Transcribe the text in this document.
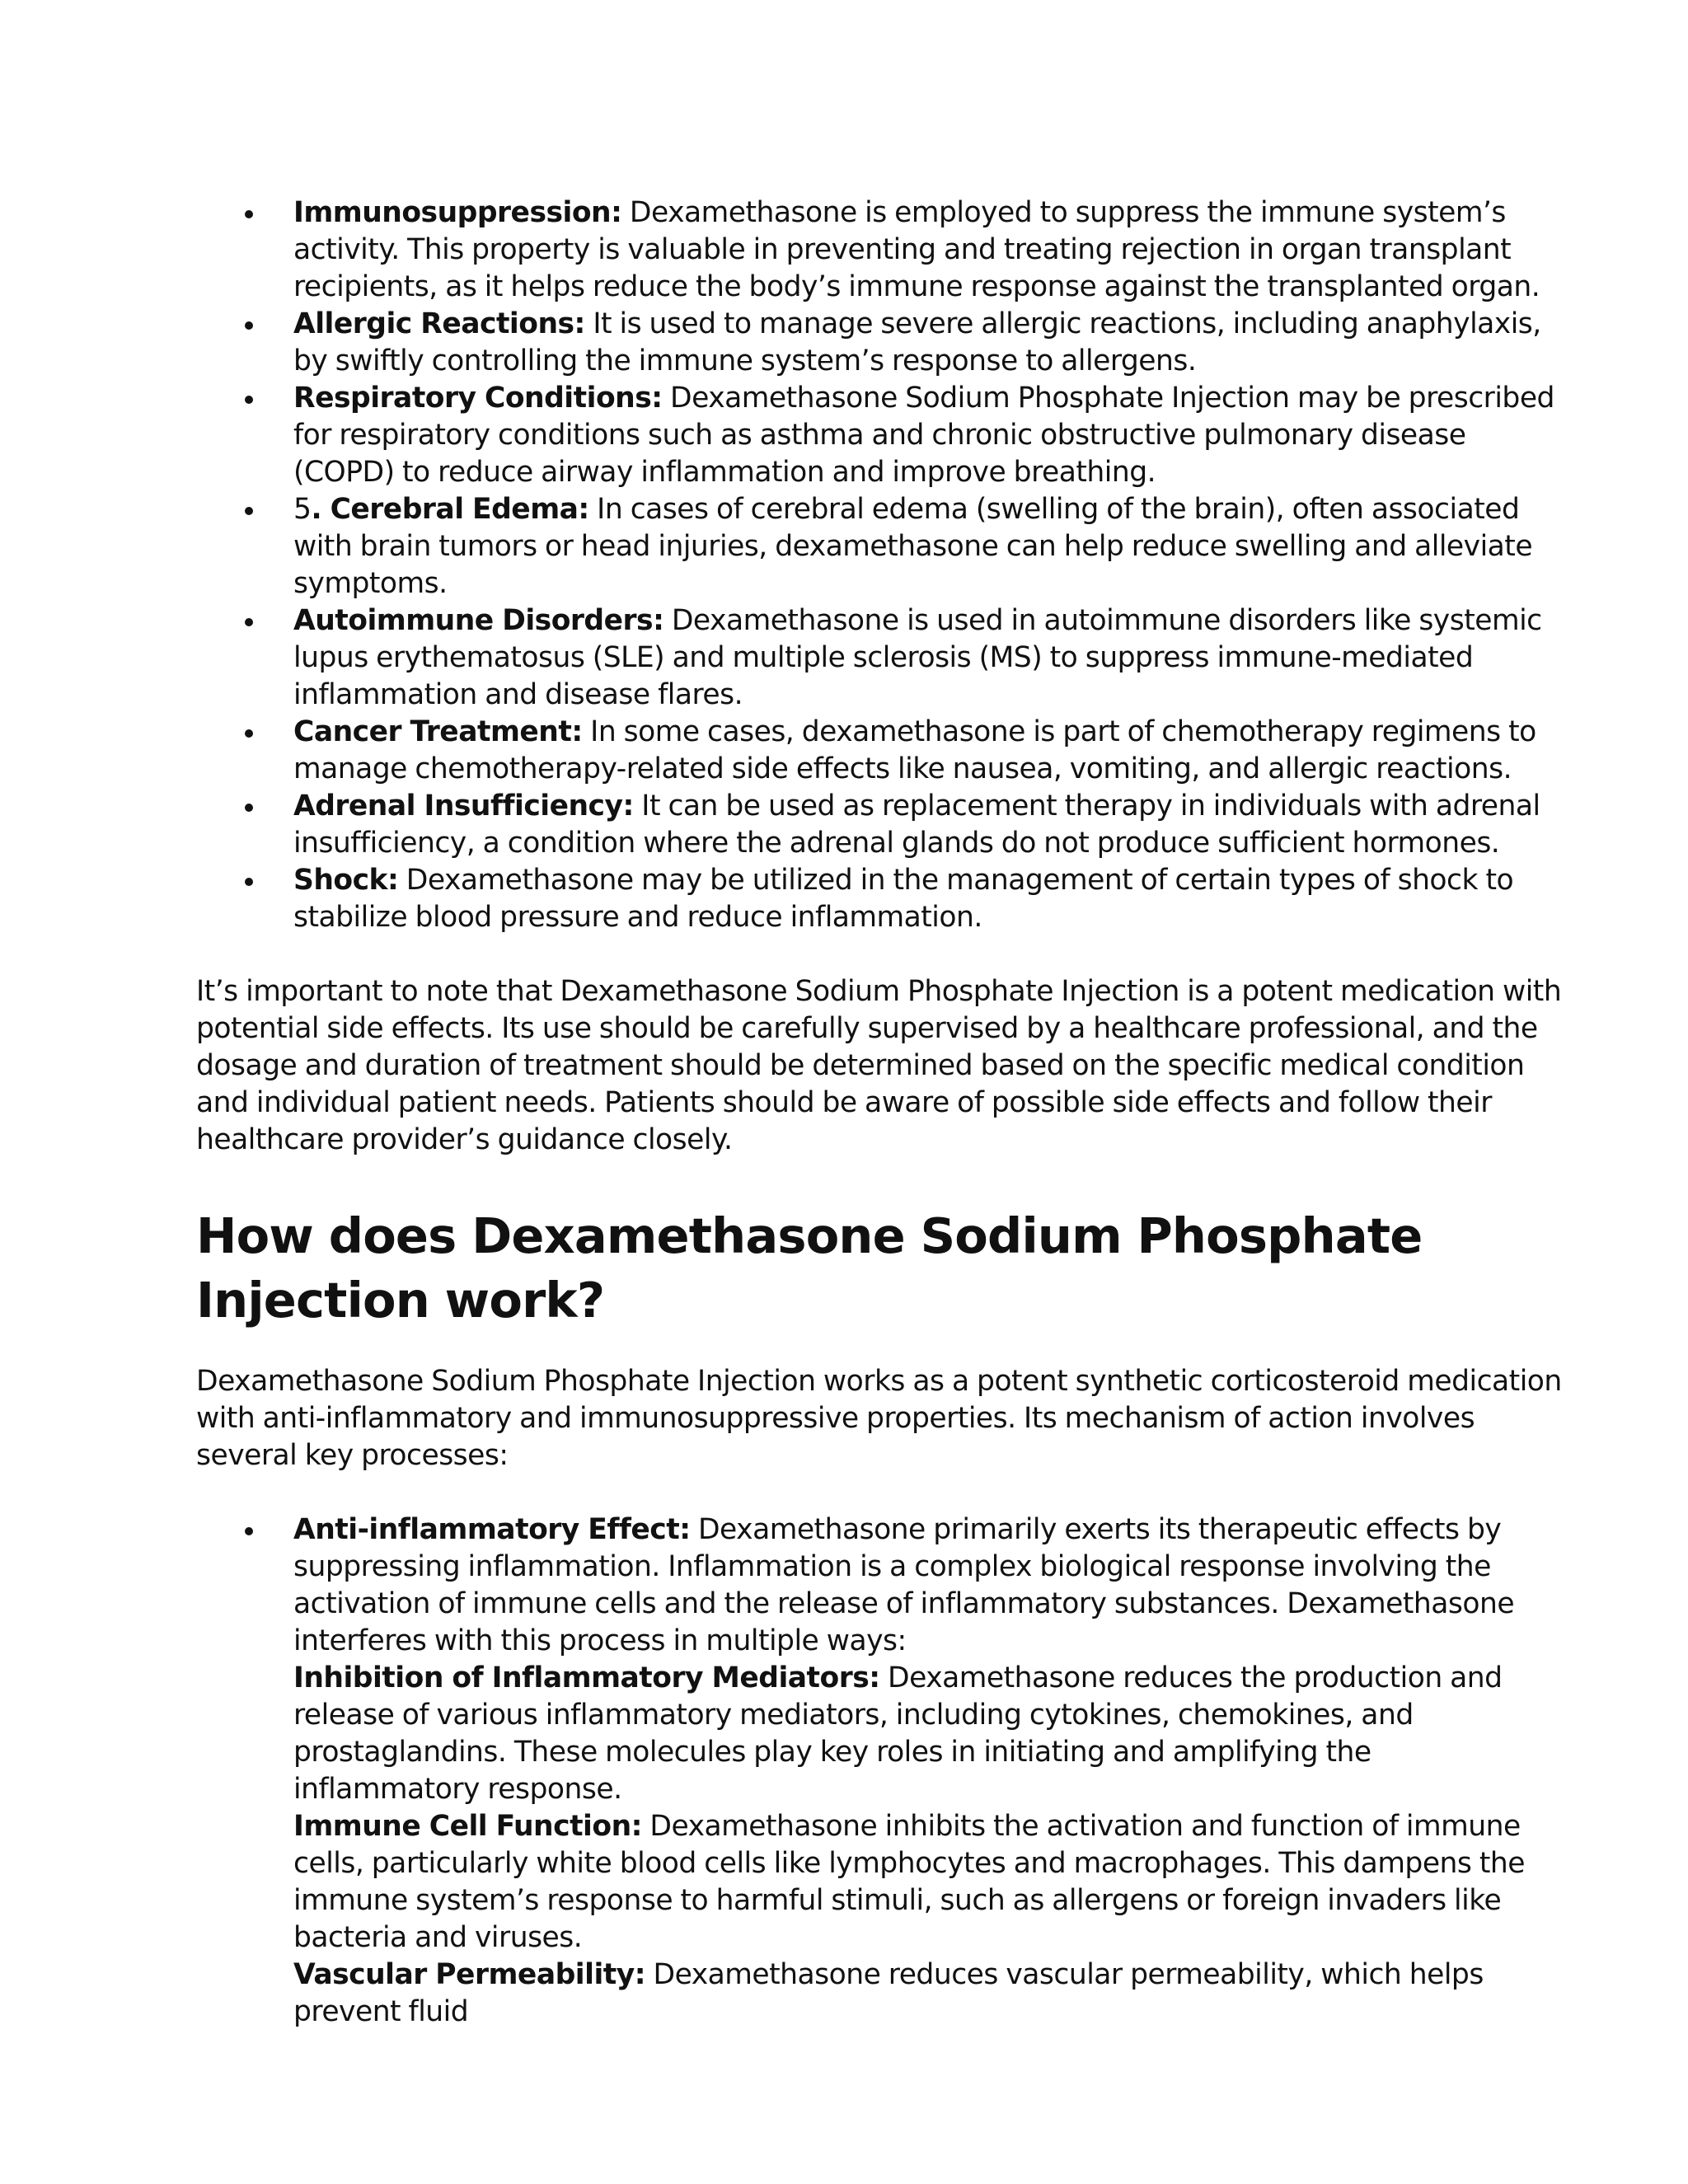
Immunosuppression: Dexamethasone is employed to suppress the immune system’s activity. This property is valuable in preventing and treating rejection in organ transplant recipients, as it helps reduce the body’s immune response against the transplanted organ.
Allergic Reactions: It is used to manage severe allergic reactions, including anaphylaxis, by swiftly controlling the immune system’s response to allergens.
Respiratory Conditions: Dexamethasone Sodium Phosphate Injection may be prescribed for respiratory conditions such as asthma and chronic obstructive pulmonary disease (COPD) to reduce airway inflammation and improve breathing.
5. Cerebral Edema: In cases of cerebral edema (swelling of the brain), often associated with brain tumors or head injuries, dexamethasone can help reduce swelling and alleviate symptoms.
Autoimmune Disorders: Dexamethasone is used in autoimmune disorders like systemic lupus erythematosus (SLE) and multiple sclerosis (MS) to suppress immune-mediated inflammation and disease flares.
Cancer Treatment: In some cases, dexamethasone is part of chemotherapy regimens to manage chemotherapy-related side effects like nausea, vomiting, and allergic reactions.
Adrenal Insufficiency: It can be used as replacement therapy in individuals with adrenal insufficiency, a condition where the adrenal glands do not produce sufficient hormones.
Shock: Dexamethasone may be utilized in the management of certain types of shock to stabilize blood pressure and reduce inflammation.

It’s important to note that Dexamethasone Sodium Phosphate Injection is a potent medication with potential side effects. Its use should be carefully supervised by a healthcare professional, and the dosage and duration of treatment should be determined based on the specific medical condition and individual patient needs. Patients should be aware of possible side effects and follow their healthcare provider’s guidance closely.

How does Dexamethasone Sodium Phosphate Injection work?

Dexamethasone Sodium Phosphate Injection works as a potent synthetic corticosteroid medication with anti-inflammatory and immunosuppressive properties. Its mechanism of action involves several key processes:

Anti-inflammatory Effect: Dexamethasone primarily exerts its therapeutic effects by suppressing inflammation. Inflammation is a complex biological response involving the activation of immune cells and the release of inflammatory substances. Dexamethasone interferes with this process in multiple ways:
Inhibition of Inflammatory Mediators: Dexamethasone reduces the production and release of various inflammatory mediators, including cytokines, chemokines, and prostaglandins. These molecules play key roles in initiating and amplifying the inflammatory response.
Immune Cell Function: Dexamethasone inhibits the activation and function of immune cells, particularly white blood cells like lymphocytes and macrophages. This dampens the immune system’s response to harmful stimuli, such as allergens or foreign invaders like bacteria and viruses.
Vascular Permeability: Dexamethasone reduces vascular permeability, which helps prevent fluid
